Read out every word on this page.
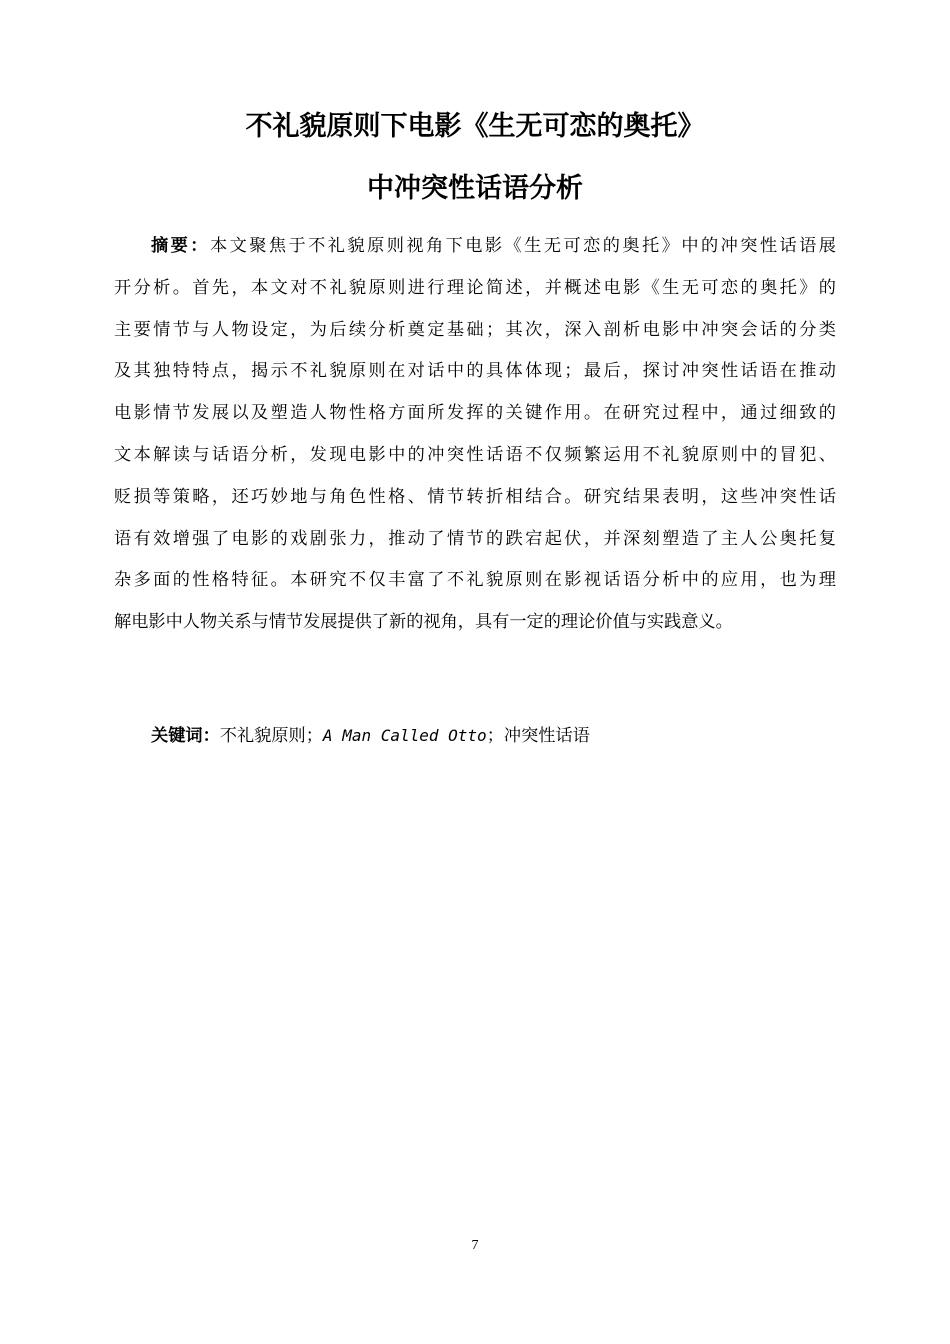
不礼貌原则下电影《生无可恋的奥托》
中冲突性话语分析
摘要：本文聚焦于不礼貌原则视角下电影《生无可恋的奥托》中的冲突性话语展
开分析。首先，本文对不礼貌原则进行理论简述，并概述电影《生无可恋的奥托》的
主要情节与人物设定，为后续分析奠定基础；其次，深入剖析电影中冲突会话的分类
及其独特特点，揭示不礼貌原则在对话中的具体体现；最后，探讨冲突性话语在推动
电影情节发展以及塑造人物性格方面所发挥的关键作用。在研究过程中，通过细致的
文本解读与话语分析，发现电影中的冲突性话语不仅频繁运用不礼貌原则中的冒犯、
贬损等策略，还巧妙地与角色性格、情节转折相结合。研究结果表明，这些冲突性话
语有效增强了电影的戏剧张力，推动了情节的跌宕起伏，并深刻塑造了主人公奥托复
杂多面的性格特征。本研究不仅丰富了不礼貌原则在影视话语分析中的应用，也为理
解电影中人物关系与情节发展提供了新的视角，具有一定的理论价值与实践意义。
关键词：不礼貌原则；A Man Called Otto；冲突性话语
7
